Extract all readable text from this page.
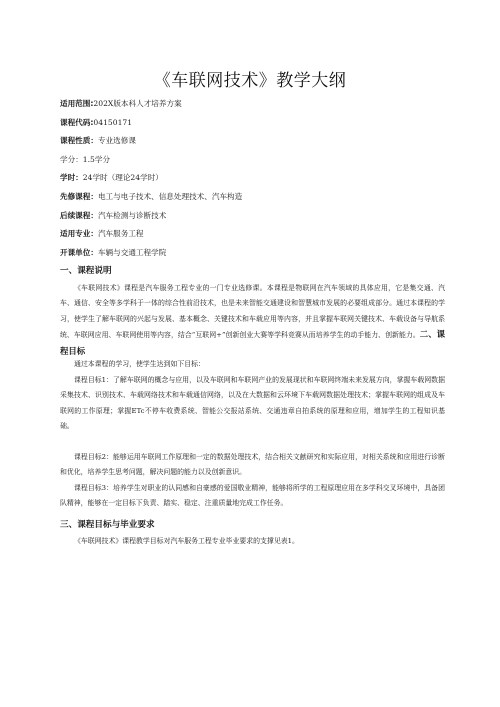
《车联网技术》教学大纲
适用范围:202X版本科人才培养方案
课程代码:04150171
课程性质：专业选修课
学分：1.5学分
学时：24学时（理论24学时）
先修课程：电工与电子技术、信息处理技术、汽车构造
后续课程：汽车检测与诊断技术
适用专业：汽车服务工程
开课单位：车辆与交通工程学院
一、课程说明

《车联网技术》课程是汽车服务工程专业的一门专业选修课。本课程是物联网在汽车领域的具体应用，它是集交通、汽车、通信、安全等多学科于一体的综合性前沿技术，也是未来智能交通建设和智慧城市发展的必要组成部分。通过本课程的学习，使学生了解车联网的兴起与发展、基本概念、关键技术和车载应用等内容，并且掌握车联网关键技术、车载设备与导航系统、车联网应用、车联网使用等内容，结合“互联网+”创新创业大赛等学科竞赛从而培养学生的动手能力、创新能力。二、课程目标

通过本课程的学习，使学生达到如下目标：

课程目标1：了解车联网的概念与应用，以及车联网和车联网产业的发展现状和车联网终端未来发展方向，掌握车载网数据采集技术、识别技术、车载网络技术和车载通信网络，以及在大数据和云环境下车载网数据处理技术；掌握车联网的组成及车联网的工作原理；掌握ETc不停车收费系统、智能公交报站系统、交通违章自拍系统的原理和应用，增加学生的工程知识基础。

课程目标2：能够运用车联网工作原理和一定的数据处理技术，结合相关文献研究和实际应用，对相关系统和应用进行诊断和优化，培养学生思考问题，解决问题的能力以及创新意识。

课程目标3：培养学生对职业的认同感和自豪感的爱国敬业精神，能够将所学的工程原理应用在多学科交叉环境中，具备团队精神，能够在一定目标下负责、踏实、稳定、注重质量地完成工作任务。

三、课程目标与毕业要求

《车联网技术》课程教学目标对汽车服务工程专业毕业要求的支撑见表1。
